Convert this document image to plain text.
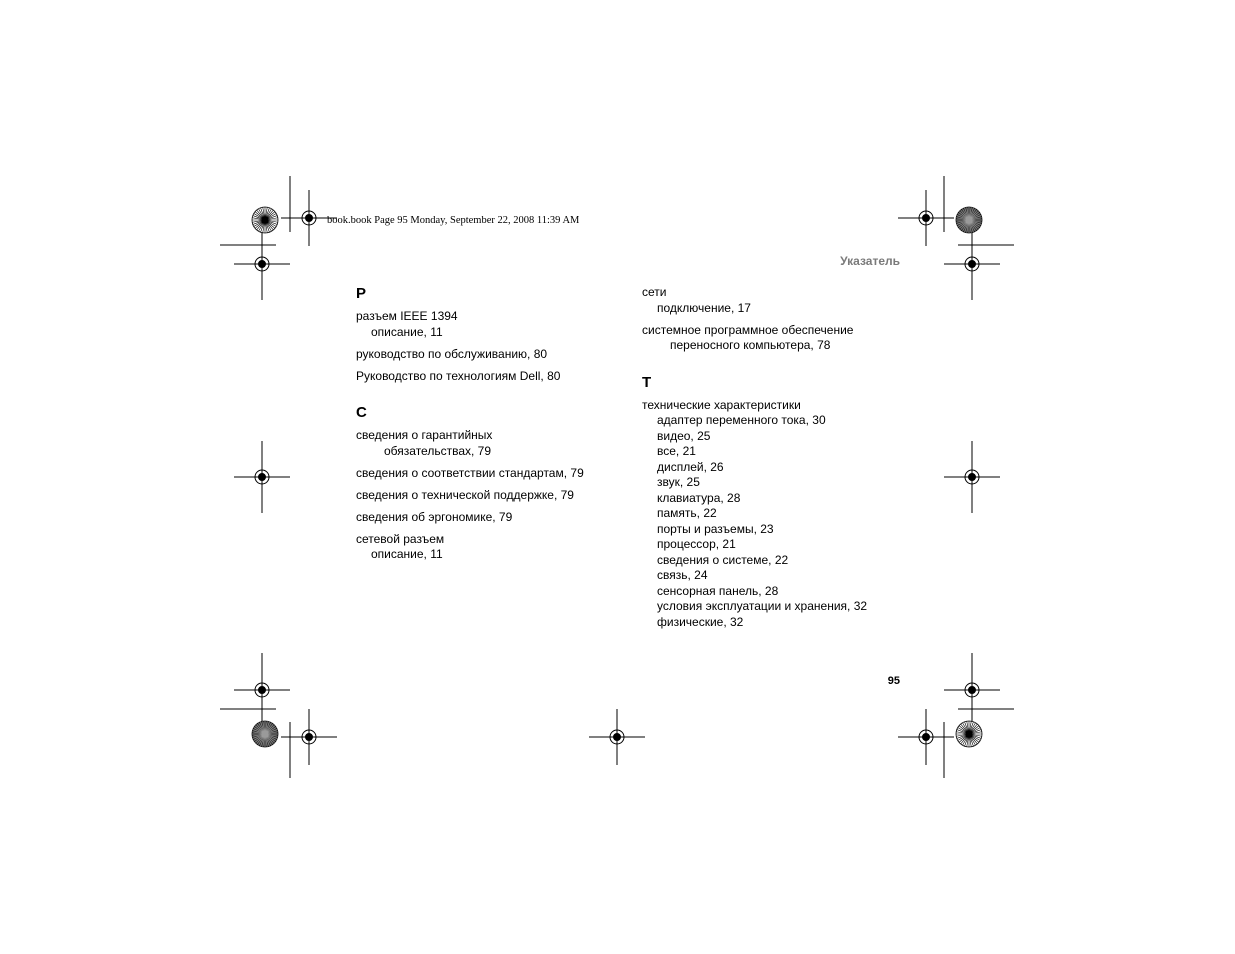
book.book Page 95 Monday, September 22, 2008 11:39 AM
Указатель
95
Р
разъем IEEE 1394
описание, 11
руководство по обслуживанию, 80
Руководство по технологиям Dell, 80
С
сведения о гарантийных
обязательствах, 79
сведения о соответствии стандартам, 79
сведения о технической поддержке, 79
сведения об эргономике, 79
сетевой разъем
описание, 11
сети
подключение, 17
системное программное обеспечение
переносного компьютера, 78
Т
технические характеристики
адаптер переменного тока, 30
видео, 25
все, 21
дисплей, 26
звук, 25
клавиатура, 28
память, 22
порты и разъемы, 23
процессор, 21
сведения о системе, 22
связь, 24
сенсорная панель, 28
условия эксплуатации и хранения, 32
физические, 32
